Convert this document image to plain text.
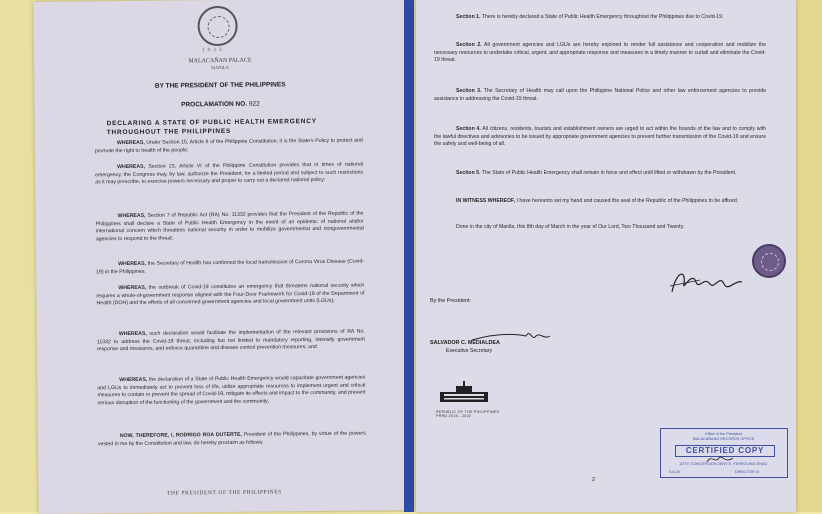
1 9 2 5
MALACAÑAN PALACE
MANILA
BY THE PRESIDENT OF THE PHILIPPINES
PROCLAMATION NO. 922
DECLARING A STATE OF PUBLIC HEALTH EMERGENCY
THROUGHOUT THE PHILIPPINES
WHEREAS, Under Section 15, Article II of the Philippine Constitution, it is the State's Policy to protect and promote the right to health of the people;
WHEREAS, Section 23, Article VI of the Philippine Constitution provides that in times of national emergency, the Congress may, by law, authorize the President, for a limited period and subject to such restrictions as it may prescribe, to exercise powers necessary and proper to carry out a declared national policy;
WHEREAS, Section 7 of Republic Act (RA) No. 11332 provides that the President of the Republic of the Philippines shall declare a State of Public Health Emergency in the event of an epidemic of national and/or international concern which threatens national security in order to mobilize governmental and nongovernmental agencies to respond to the threat;
WHEREAS, the Secretary of Health has confirmed the local transmission of Corona Virus Disease (Covid-19) in the Philippines;
WHEREAS, the outbreak of Covid-19 constitutes an emergency that threatens national security which requires a whole-of-government response aligned with the Four-Door Framework for Covid-19 of the Department of Health (DOH) and the efforts of all concerned government agencies and local government units (LGUs);
WHEREAS, such declaration would facilitate the implementation of the relevant provisions of RA No. 11332 to address the Covid-19 threat, including but not limited to mandatory reporting, intensify government response and measures, and enforce quarantine and disease control prevention measures; and
WHEREAS, the declaration of a State of Public Health Emergency would capacitate government agencies and LGUs to immediately act to prevent loss of life, utilize appropriate resources to implement urgent and critical measures to contain or prevent the spread of Covid-19, mitigate its effects and impact to the community, and prevent serious disruption of the functioning of the government and the community;
NOW, THEREFORE, I, RODRIGO ROA DUTERTE, President of the Philippines, by virtue of the powers vested in me by the Constitution and law, do hereby proclaim as follows:
THE PRESIDENT OF THE PHILIPPINES
Section 1. There is hereby declared a State of Public Health Emergency throughout the Philippines due to Covid-19.
Section 2. All government agencies and LGUs are hereby enjoined to render full assistance and cooperation and mobilize the necessary resources to undertake critical, urgent, and appropriate response and measures in a timely manner to curtail and eliminate the Covid-19 threat.
Section 3. The Secretary of Health may call upon the Philippine National Police and other law enforcement agencies to provide assistance in addressing the Covid-19 threat.
Section 4. All citizens, residents, tourists and establishment owners are urged to act within the bounds of the law and to comply with the lawful directives and advisories to be issued by appropriate government agencies to prevent further transmission of the Covid-19 and ensure the safety and well-being of all.
Section 5. The State of Public Health Emergency shall remain in force and effect until lifted or withdrawn by the President.
IN WITNESS WHEREOF, I have hereunto set my hand and caused the seal of the Republic of the Philippines to be affixed.
Done in the city of Manila, this 8th day of March in the year of Our Lord, Two Thousand and Twenty.
By the President:
SALVADOR C. MEDIALDEA
Executive Secretary
REPUBLIC OF THE PHILIPPINES
PRRD 2016 - 2022
2
Office of the President
MALACAÑANG RECORDS OFFICE
CERTIFIED COPY
ATTY. CONCEPCION ZENY E. FERROLINO-ENAD
3-8-20	DIRECTOR IV
